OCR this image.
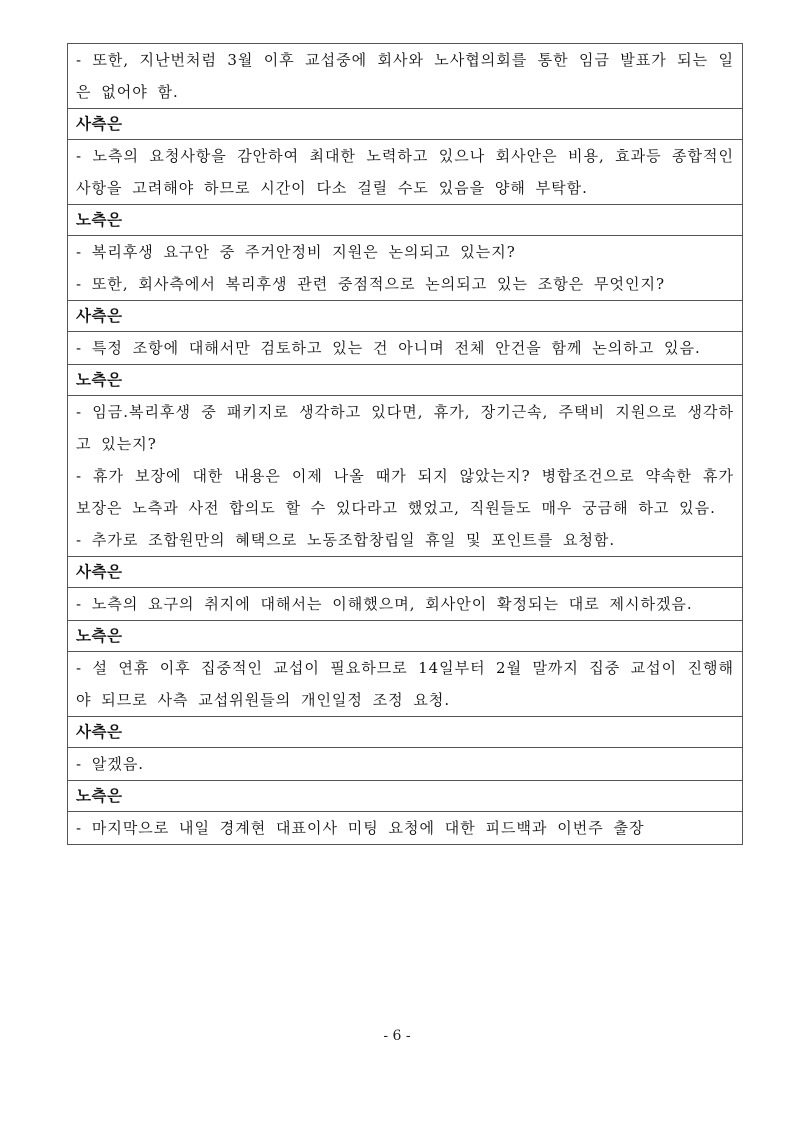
- 또한, 지난번처럼 3월 이후 교섭중에 회사와 노사협의회를 통한 임금 발표가 되는 일은 없어야 함.

사측은

- 노측의 요청사항을 감안하여 최대한 노력하고 있으나 회사안은 비용, 효과등 종합적인 사항을 고려해야 하므로 시간이 다소 걸릴 수도 있음을 양해 부탁함.

노측은

- 복리후생 요구안 중 주거안정비 지원은 논의되고 있는지?
- 또한, 회사측에서 복리후생 관련 중점적으로 논의되고 있는 조항은 무엇인지?

사측은

- 특정 조항에 대해서만 검토하고 있는 건 아니며 전체 안건을 함께 논의하고 있음.

노측은

- 임금.복리후생 중 패키지로 생각하고 있다면, 휴가, 장기근속, 주택비 지원으로 생각하고 있는지?
- 휴가 보장에 대한 내용은 이제 나올 때가 되지 않았는지? 병합조건으로 약속한 휴가 보장은 노측과 사전 합의도 할 수 있다라고 했었고, 직원들도 매우 궁금해 하고 있음.
- 추가로 조합원만의 혜택으로 노동조합창립일 휴일 및 포인트를 요청함.

사측은

- 노측의 요구의 취지에 대해서는 이해했으며, 회사안이 확정되는 대로 제시하겠음.

노측은

- 설 연휴 이후 집중적인 교섭이 필요하므로 14일부터 2월 말까지 집중 교섭이 진행해야 되므로 사측 교섭위원들의 개인일정 조정 요청.

사측은

- 알겠음.

노측은

- 마지막으로 내일 경계현 대표이사 미팅 요청에 대한 피드백과 이번주 출장
- 6 -
